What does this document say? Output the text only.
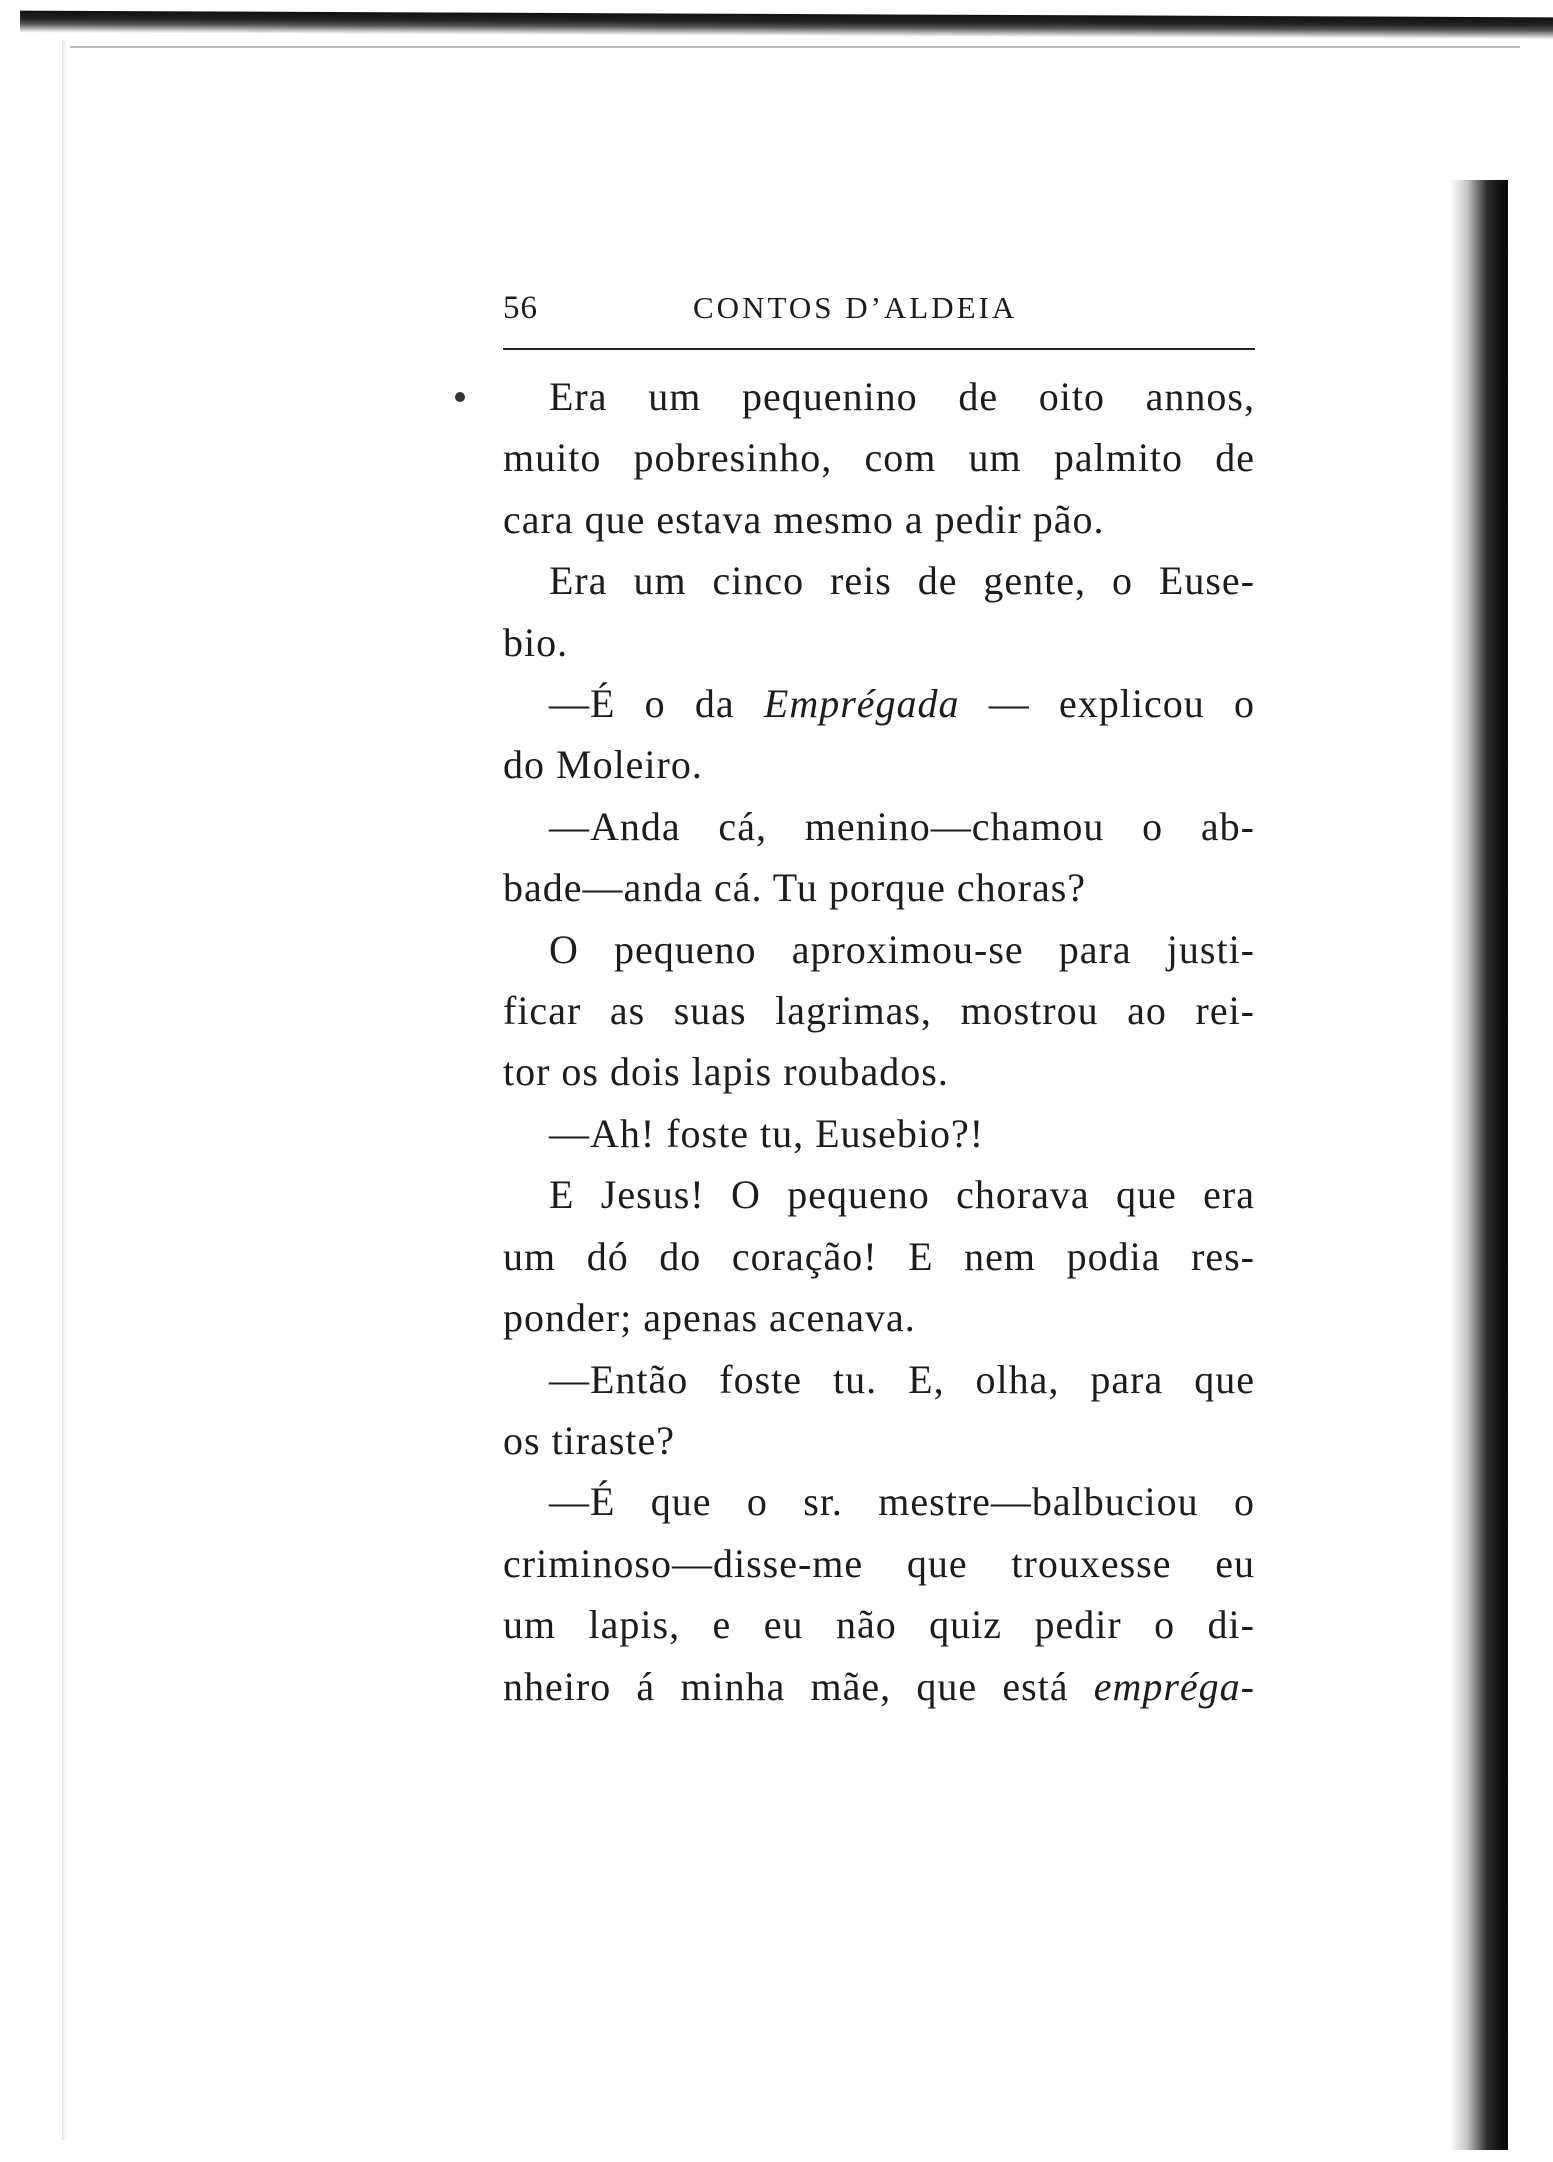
56	CONTOS D’ALDEIA

Era um pequenino de oito annos,
muito pobresinho, com um palmito de
cara que estava mesmo a pedir pão.

Era um cinco reis de gente, o Euse-
bio.

—É o da Emprégada — explicou o
do Moleiro.

—Anda cá, menino—chamou o ab-
bade—anda cá. Tu porque choras?

O pequeno aproximou-se para justi-
ficar as suas lagrimas, mostrou ao rei-
tor os dois lapis roubados.

—Ah! foste tu, Eusebio?!

E Jesus! O pequeno chorava que era
um dó do coração! E nem podia res-
ponder; apenas acenava.

—Então foste tu. E, olha, para que
os tiraste?

—É que o sr. mestre—balbuciou o
criminoso—disse-me que trouxesse eu
um lapis, e eu não quiz pedir o di-
nheiro á minha mãe, que está empréga-
